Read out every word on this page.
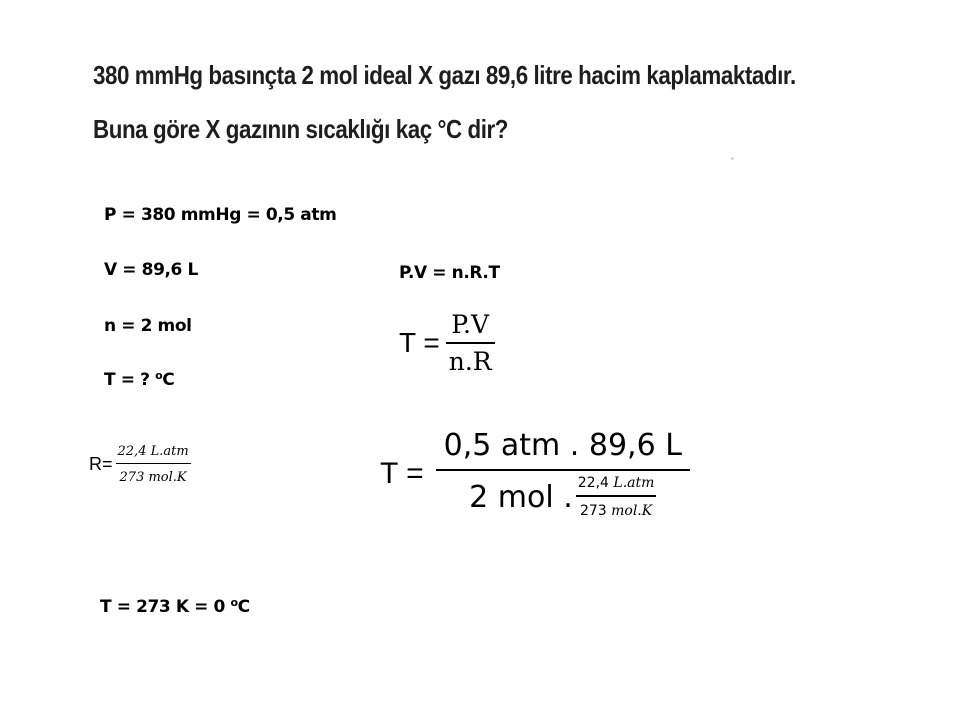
380 mmHg basınçta 2 mol ideal X gazı 89,6 litre hacim kaplamaktadır.
Buna göre X gazının sıcaklığı kaç °C dir?
P = 380 mmHg = 0,5 atm
V = 89,6 L
n = 2 mol
T = ? $^o$C
P.V = n.R.T
$R= \frac{\text{22,4 L.atm}}{\text{273 mol.K}}$
$T = \frac{P.V}{n.R}$
$T = \frac{\text{0,5 atm . 89,6 L}}{2 mol . \frac{\text{22,4 L.atm}}{\text{273 mol.K}}}$
T = 273 K = 0 $^o$C
